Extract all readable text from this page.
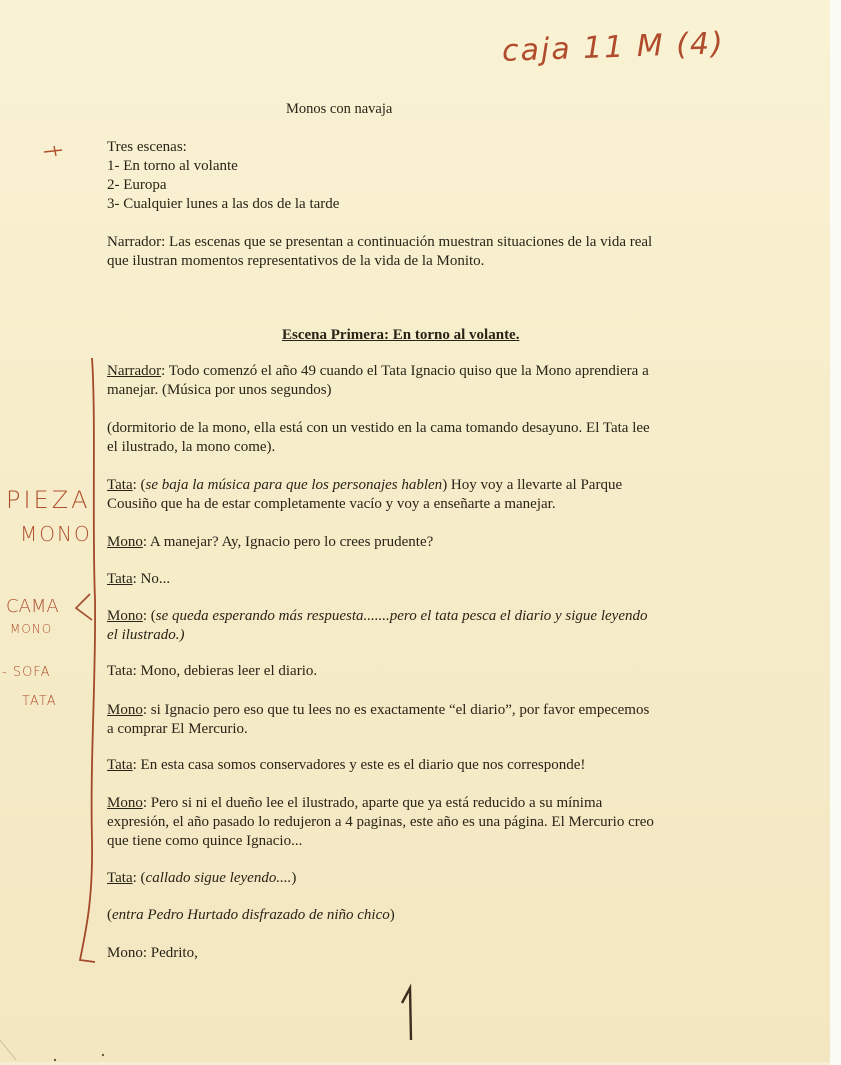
caja 11 M (4)
Monos con navaja
Tres escenas:
1- En torno al volante
2- Europa
3- Cualquier lunes a las dos de la tarde
Narrador: Las escenas que se presentan a continuación muestran situaciones de la vida real
que ilustran momentos representativos de la vida de la Monito.
Escena Primera: En torno al volante.
Narrador: Todo comenzó el año 49 cuando el Tata Ignacio quiso que la Mono aprendiera a
manejar. (Música por unos segundos)
(dormitorio de la mono, ella está con un vestido en la cama tomando desayuno. El Tata lee
el ilustrado, la mono come).
Tata: (se baja la música para que los personajes hablen) Hoy voy a llevarte al Parque
Cousiño que ha de estar completamente vacío y voy a enseñarte a manejar.
Mono: A manejar? Ay, Ignacio pero lo crees prudente?
Tata: No...
Mono: (se queda esperando más respuesta.......pero el tata pesca el diario y sigue leyendo
el ilustrado.)
Tata: Mono, debieras leer el diario.
Mono: si Ignacio pero eso que tu lees no es exactamente “el diario”, por favor empecemos
a comprar El Mercurio.
Tata: En esta casa somos conservadores y este es el diario que nos corresponde!
Mono: Pero si ni el dueño lee el ilustrado, aparte que ya está reducido a su mínima
expresión, el año pasado lo redujeron a 4 paginas, este año es una página. El Mercurio creo
que tiene como quince Ignacio...
Tata: (callado sigue leyendo....)
(entra Pedro Hurtado disfrazado de niño chico)
Mono: Pedrito,
PIEZA
MONO
CAMA
MONO
- SOFA
TATA
